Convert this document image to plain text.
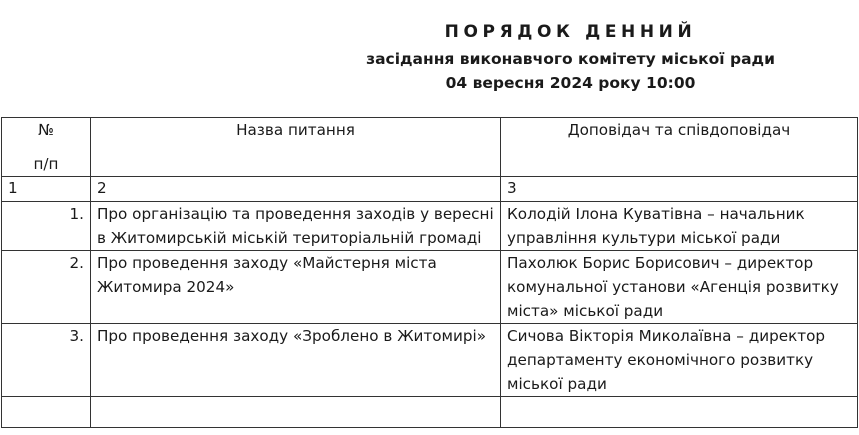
ПОРЯДОК ДЕННИЙ
засідання виконавчого комітету міської ради
04 вересня 2024 року 10:00
№
п/п	Назва питання	Доповідач та співдоповідач
1	2	3
1.	Про організацію та проведення заходів у вересні в Житомирській міській територіальній громаді	Колодій Ілона Куватівна – начальник управління культури міської ради
2.	Про проведення заходу «Майстерня міста Житомира 2024»	Пахолюк Борис Борисович – директор комунальної установи «Агенція розвитку міста» міської ради
3.	Про проведення заходу «Зроблено в Житомирі»	Сичова Вікторія Миколаївна – директор департаменту економічного розвитку міської ради
